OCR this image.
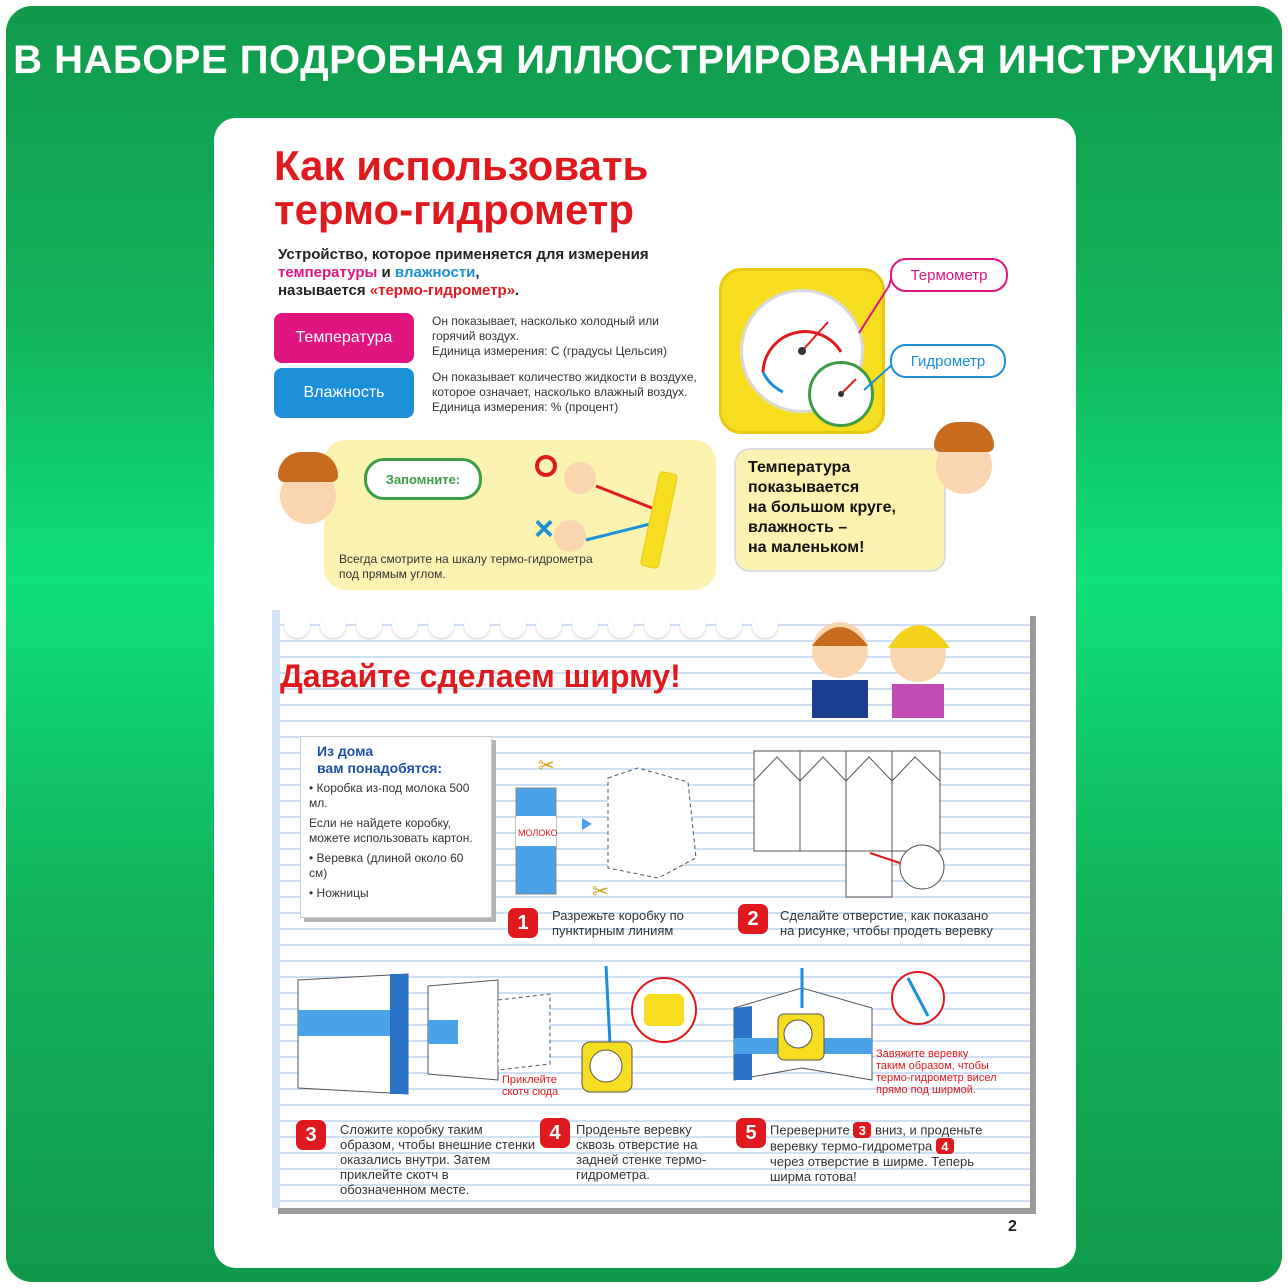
В НАБОРЕ ПОДРОБНАЯ ИЛЛЮСТРИРОВАННАЯ ИНСТРУКЦИЯ
Как использовать
термо-гидрометр
Устройство, которое применяется для измерения
температуры и влажности,
называется «термо-гидрометр».
Температура
Он показывает, насколько холодный или горячий воздух.
Единица измерения: С (градусы Цельсия)
Влажность
Он показывает количество жидкости в воздухе, которое означает, насколько влажный воздух.
Единица измерения: % (процент)
Термометр
Гидрометр
Запомните:
Всегда смотрите на шкалу термо-гидрометра под прямым углом.
×
Температура
показывается
на большом круге,
влажность –
на маленьком!
Давайте сделаем ширму!
Из дома
вам понадобятся:

• Коробка из-под молока 500 мл.

Если не найдете коробку, можете использовать картон.

• Веревка (длиной около 60 см)

• Ножницы

МОЛОКО
✂
✂
1	Разрежьте коробку по пунктирным линиям
2	Сделайте отверстие, как показано на рисунке, чтобы продеть веревку
Приклейте скотч сюда
3	Сложите коробку таким образом, чтобы внешние стенки оказались внутри. Затем приклейте скотч в обозначенном месте.
4	Проденьте веревку сквозь отверстие на задней стенке термо-гидрометра.
Завяжите веревку таким образом, чтобы термо-гидрометр висел прямо под ширмой.
5	Переверните 3 вниз, и проденьте веревку термо-гидрометра 4 через отверстие в ширме. Теперь ширма готова!
2
